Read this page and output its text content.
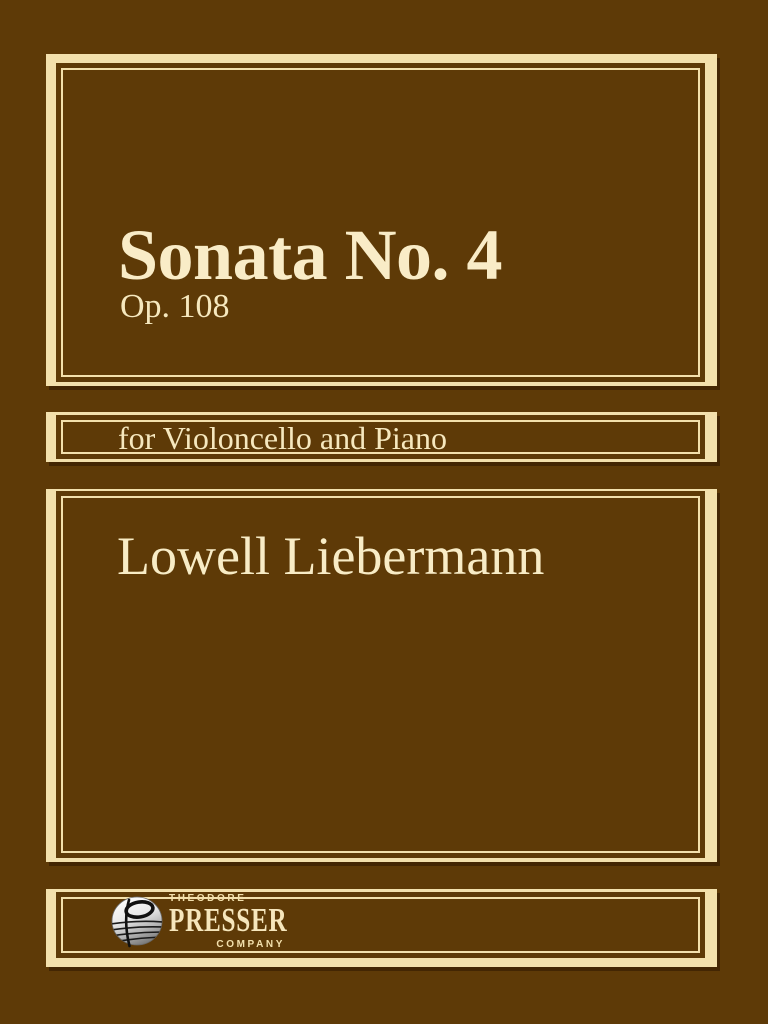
Sonata No. 4
Op. 108
for Violoncello and Piano
Lowell Liebermann
THEODORE
PRESSER
COMPANY
